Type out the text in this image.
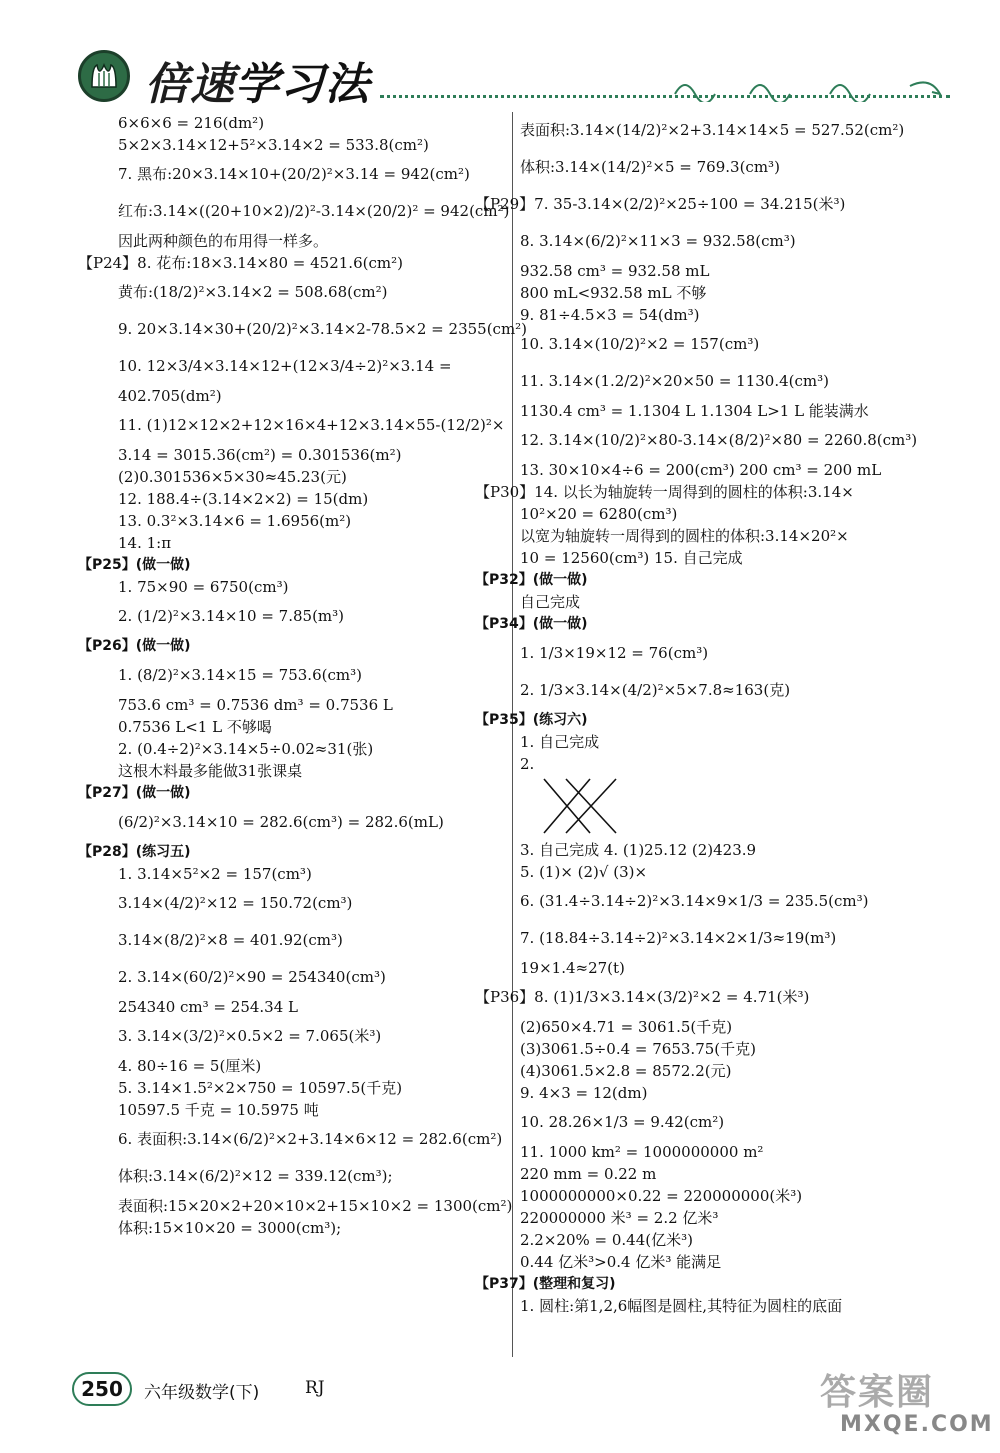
倍速学习法
6×6×6 = 216(dm²)
5×2×3.14×12+5²×3.14×2 = 533.8(cm²)
7. 黑布:20×3.14×10+(20/2)²×3.14 = 942(cm²)
红布:3.14×((20+10×2)/2)²-3.14×(20/2)² = 942(cm²)
因此两种颜色的布用得一样多。
【P24】8. 花布:18×3.14×80 = 4521.6(cm²)
黄布:(18/2)²×3.14×2 = 508.68(cm²)
9. 20×3.14×30+(20/2)²×3.14×2-78.5×2 = 2355(cm²)
10. 12×3/4×3.14×12+(12×3/4÷2)²×3.14 =
402.705(dm²)
11. (1)12×12×2+12×16×4+12×3.14×55-(12/2)²×
3.14 = 3015.36(cm²) = 0.301536(m²)
(2)0.301536×5×30≈45.23(元)
12. 188.4÷(3.14×2×2) = 15(dm)
13. 0.3²×3.14×6 = 1.6956(m²)
14. 1:π
【P25】(做一做)
1. 75×90 = 6750(cm³)
2. (1/2)²×3.14×10 = 7.85(m³)
【P26】(做一做)
1. (8/2)²×3.14×15 = 753.6(cm³)
753.6 cm³ = 0.7536 dm³ = 0.7536 L
0.7536 L<1 L 不够喝
2. (0.4÷2)²×3.14×5÷0.02≈31(张)
这根木料最多能做31张课桌
【P27】(做一做)
(6/2)²×3.14×10 = 282.6(cm³) = 282.6(mL)
【P28】(练习五)
1. 3.14×5²×2 = 157(cm³)
3.14×(4/2)²×12 = 150.72(cm³)
3.14×(8/2)²×8 = 401.92(cm³)
2. 3.14×(60/2)²×90 = 254340(cm³)
254340 cm³ = 254.34 L
3. 3.14×(3/2)²×0.5×2 = 7.065(米³)
4. 80÷16 = 5(厘米)
5. 3.14×1.5²×2×750 = 10597.5(千克)
10597.5 千克 = 10.5975 吨
6. 表面积:3.14×(6/2)²×2+3.14×6×12 = 282.6(cm²)
体积:3.14×(6/2)²×12 = 339.12(cm³);
表面积:15×20×2+20×10×2+15×10×2 = 1300(cm²)
体积:15×10×20 = 3000(cm³);
表面积:3.14×(14/2)²×2+3.14×14×5 = 527.52(cm²)
体积:3.14×(14/2)²×5 = 769.3(cm³)
【P29】7. 35-3.14×(2/2)²×25÷100 = 34.215(米³)
8. 3.14×(6/2)²×11×3 = 932.58(cm³)
932.58 cm³ = 932.58 mL
800 mL<932.58 mL 不够
9. 81÷4.5×3 = 54(dm³)
10. 3.14×(10/2)²×2 = 157(cm³)
11. 3.14×(1.2/2)²×20×50 = 1130.4(cm³)
1130.4 cm³ = 1.1304 L 1.1304 L>1 L 能装满水
12. 3.14×(10/2)²×80-3.14×(8/2)²×80 = 2260.8(cm³)
13. 30×10×4÷6 = 200(cm³) 200 cm³ = 200 mL
【P30】14. 以长为轴旋转一周得到的圆柱的体积:3.14×
10²×20 = 6280(cm³)
以宽为轴旋转一周得到的圆柱的体积:3.14×20²×
10 = 12560(cm³) 15. 自己完成
【P32】(做一做)
自己完成
【P34】(做一做)
1. 1/3×19×12 = 76(cm³)
2. 1/3×3.14×(4/2)²×5×7.8≈163(克)
【P35】(练习六)
1. 自己完成
2.
3. 自己完成 4. (1)25.12 (2)423.9
5. (1)× (2)√ (3)×
6. (31.4÷3.14÷2)²×3.14×9×1/3 = 235.5(cm³)
7. (18.84÷3.14÷2)²×3.14×2×1/3≈19(m³)
19×1.4≈27(t)
【P36】8. (1)1/3×3.14×(3/2)²×2 = 4.71(米³)
(2)650×4.71 = 3061.5(千克)
(3)3061.5÷0.4 = 7653.75(千克)
(4)3061.5×2.8 = 8572.2(元)
9. 4×3 = 12(dm)
10. 28.26×1/3 = 9.42(cm²)
11. 1000 km² = 1000000000 m²
220 mm = 0.22 m
1000000000×0.22 = 220000000(米³)
220000000 米³ = 2.2 亿米³
2.2×20% = 0.44(亿米³)
0.44 亿米³>0.4 亿米³ 能满足
【P37】(整理和复习)
1. 圆柱:第1,2,6幅图是圆柱,其特征为圆柱的底面
250	六年级数学(下)	RJ	答案圈
MXQE.COM
